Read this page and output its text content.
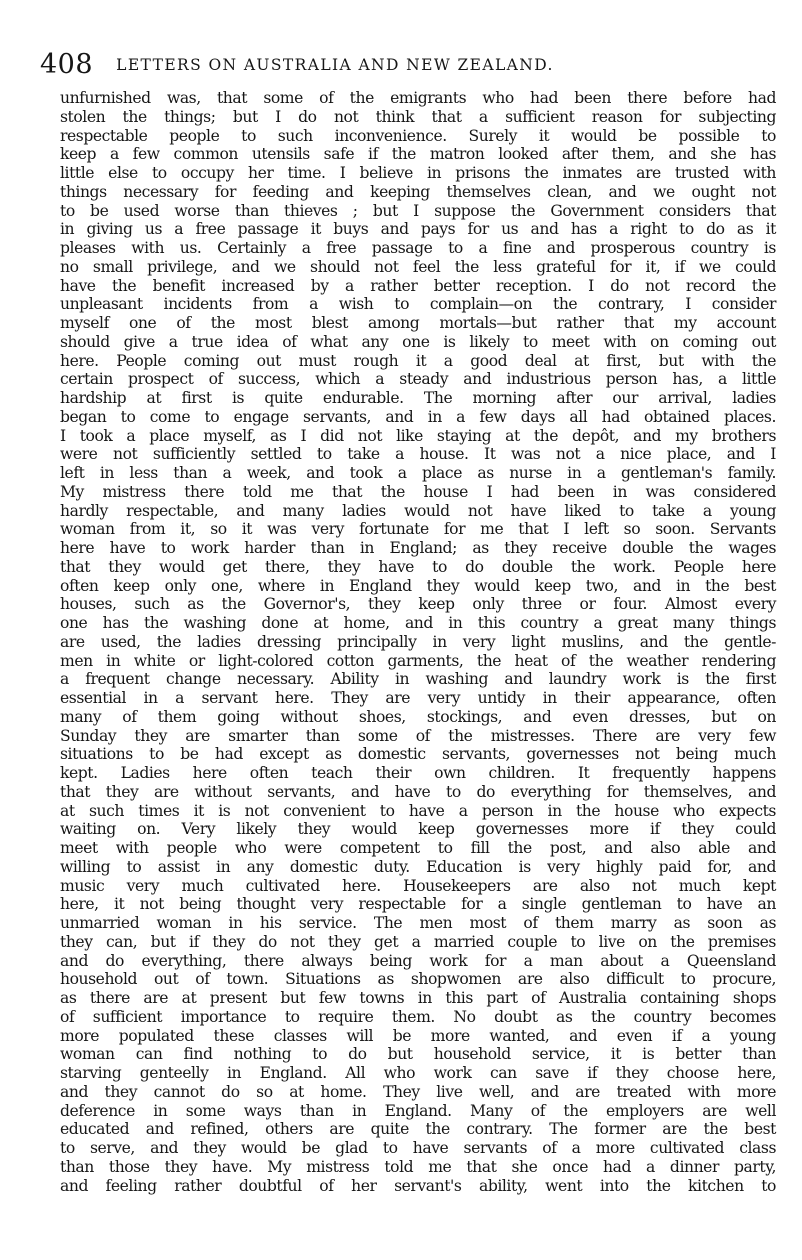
408 LETTERS ON AUSTRALIA AND NEW ZEALAND.
unfurnished was, that some of the emigrants who had been there before had
stolen the things; but I do not think that a sufficient reason for subjecting
respectable people to such inconvenience. Surely it would be possible to
keep a few common utensils safe if the matron looked after them, and she has
little else to occupy her time. I believe in prisons the inmates are trusted with
things necessary for feeding and keeping themselves clean, and we ought not
to be used worse than thieves ; but I suppose the Government considers that
in giving us a free passage it buys and pays for us and has a right to do as it
pleases with us. Certainly a free passage to a fine and prosperous country is
no small privilege, and we should not feel the less grateful for it, if we could
have the benefit increased by a rather better reception. I do not record the
unpleasant incidents from a wish to complain—on the contrary, I consider
myself one of the most blest among mortals—but rather that my account
should give a true idea of what any one is likely to meet with on coming out
here. People coming out must rough it a good deal at first, but with the
certain prospect of success, which a steady and industrious person has, a little
hardship at first is quite endurable. The morning after our arrival, ladies
began to come to engage servants, and in a few days all had obtained places.
I took a place myself, as I did not like staying at the depôt, and my brothers
were not sufficiently settled to take a house. It was not a nice place, and I
left in less than a week, and took a place as nurse in a gentleman's family.
My mistress there told me that the house I had been in was considered
hardly respectable, and many ladies would not have liked to take a young
woman from it, so it was very fortunate for me that I left so soon. Servants
here have to work harder than in England; as they receive double the wages
that they would get there, they have to do double the work. People here
often keep only one, where in England they would keep two, and in the best
houses, such as the Governor's, they keep only three or four. Almost every
one has the washing done at home, and in this country a great many things
are used, the ladies dressing principally in very light muslins, and the gentle-
men in white or light-colored cotton garments, the heat of the weather rendering
a frequent change necessary. Ability in washing and laundry work is the first
essential in a servant here. They are very untidy in their appearance, often
many of them going without shoes, stockings, and even dresses, but on
Sunday they are smarter than some of the mistresses. There are very few
situations to be had except as domestic servants, governesses not being much
kept. Ladies here often teach their own children. It frequently happens
that they are without servants, and have to do everything for themselves, and
at such times it is not convenient to have a person in the house who expects
waiting on. Very likely they would keep governesses more if they could
meet with people who were competent to fill the post, and also able and
willing to assist in any domestic duty. Education is very highly paid for, and
music very much cultivated here. Housekeepers are also not much kept
here, it not being thought very respectable for a single gentleman to have an
unmarried woman in his service. The men most of them marry as soon as
they can, but if they do not they get a married couple to live on the premises
and do everything, there always being work for a man about a Queensland
household out of town. Situations as shopwomen are also difficult to procure,
as there are at present but few towns in this part of Australia containing shops
of sufficient importance to require them. No doubt as the country becomes
more populated these classes will be more wanted, and even if a young
woman can find nothing to do but household service, it is better than
starving genteelly in England. All who work can save if they choose here,
and they cannot do so at home. They live well, and are treated with more
deference in some ways than in England. Many of the employers are well
educated and refined, others are quite the contrary. The former are the best
to serve, and they would be glad to have servants of a more cultivated class
than those they have. My mistress told me that she once had a dinner party,
and feeling rather doubtful of her servant's ability, went into the kitchen to
